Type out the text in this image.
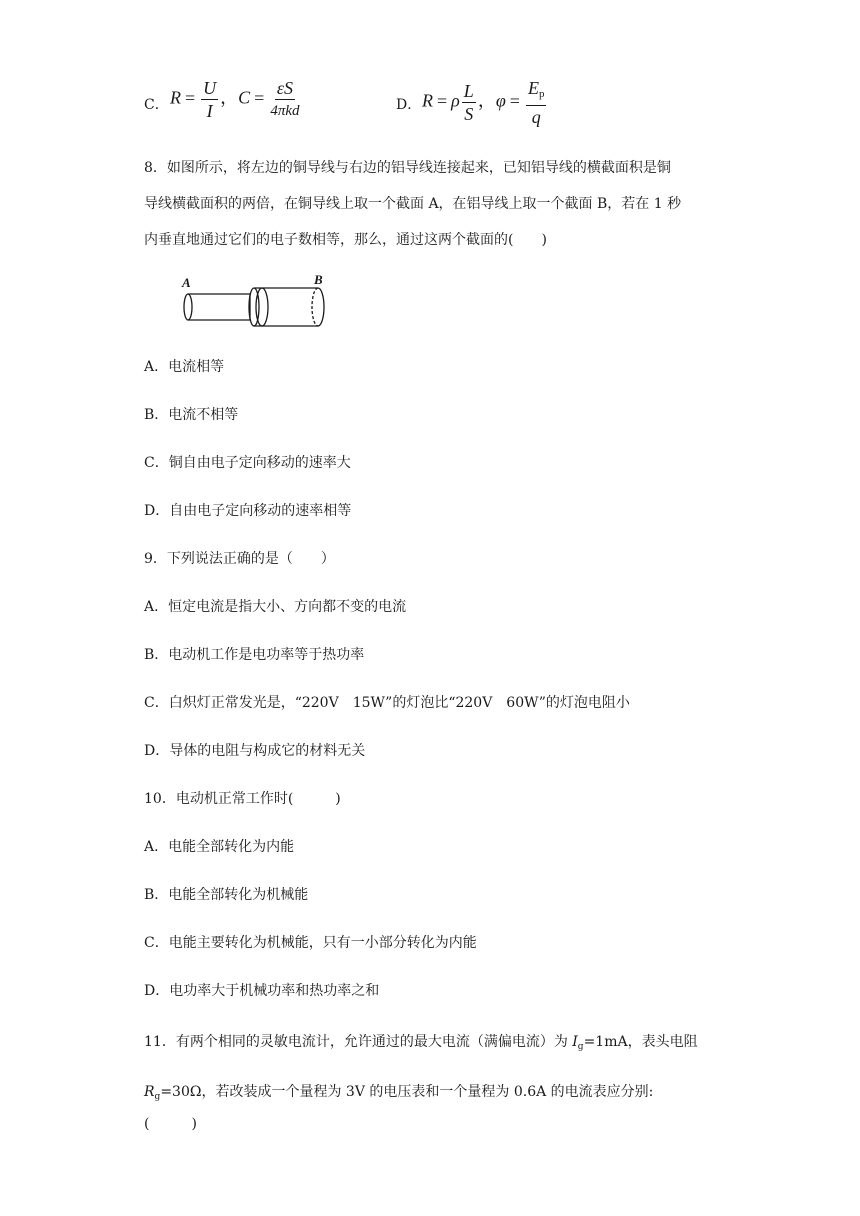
C． $R = \frac{U}{I}$ ，$C = \frac{\varepsilon S}{\text{4πkd}}$	D． R = ρ $\frac{L}{S}$ ，$\varphi = \frac{E_p}{q}$
8．如图所示，将左边的铜导线与右边的铝导线连接起来，已知铝导线的横截面积是铜
导线横截面积的两倍，在铜导线上取一个截面 A，在铝导线上取一个截面 B，若在 1 秒
内垂直地通过它们的电子数相等，那么，通过这两个截面的(　　)
A	B
A．电流相等
B．电流不相等
C．铜自由电子定向移动的速率大
D．自由电子定向移动的速率相等
9．下列说法正确的是（　　）
A．恒定电流是指大小、方向都不变的电流
B．电动机工作是电功率等于热功率
C．白炽灯正常发光是，“220V　15W”的灯泡比“220V　60W”的灯泡电阻小
D．导体的电阻与构成它的材料无关
10．电动机正常工作时(　　　)
A．电能全部转化为内能
B．电能全部转化为机械能
C．电能主要转化为机械能，只有一小部分转化为内能
D．电功率大于机械功率和热功率之和
11．有两个相同的灵敏电流计，允许通过的最大电流（满偏电流）为 $I_g=1mA$，表头电阻
$R_g=30\Omega$，若改装成一个量程为 3V 的电压表和一个量程为 0.6A 的电流表应分别:
(　　　)
